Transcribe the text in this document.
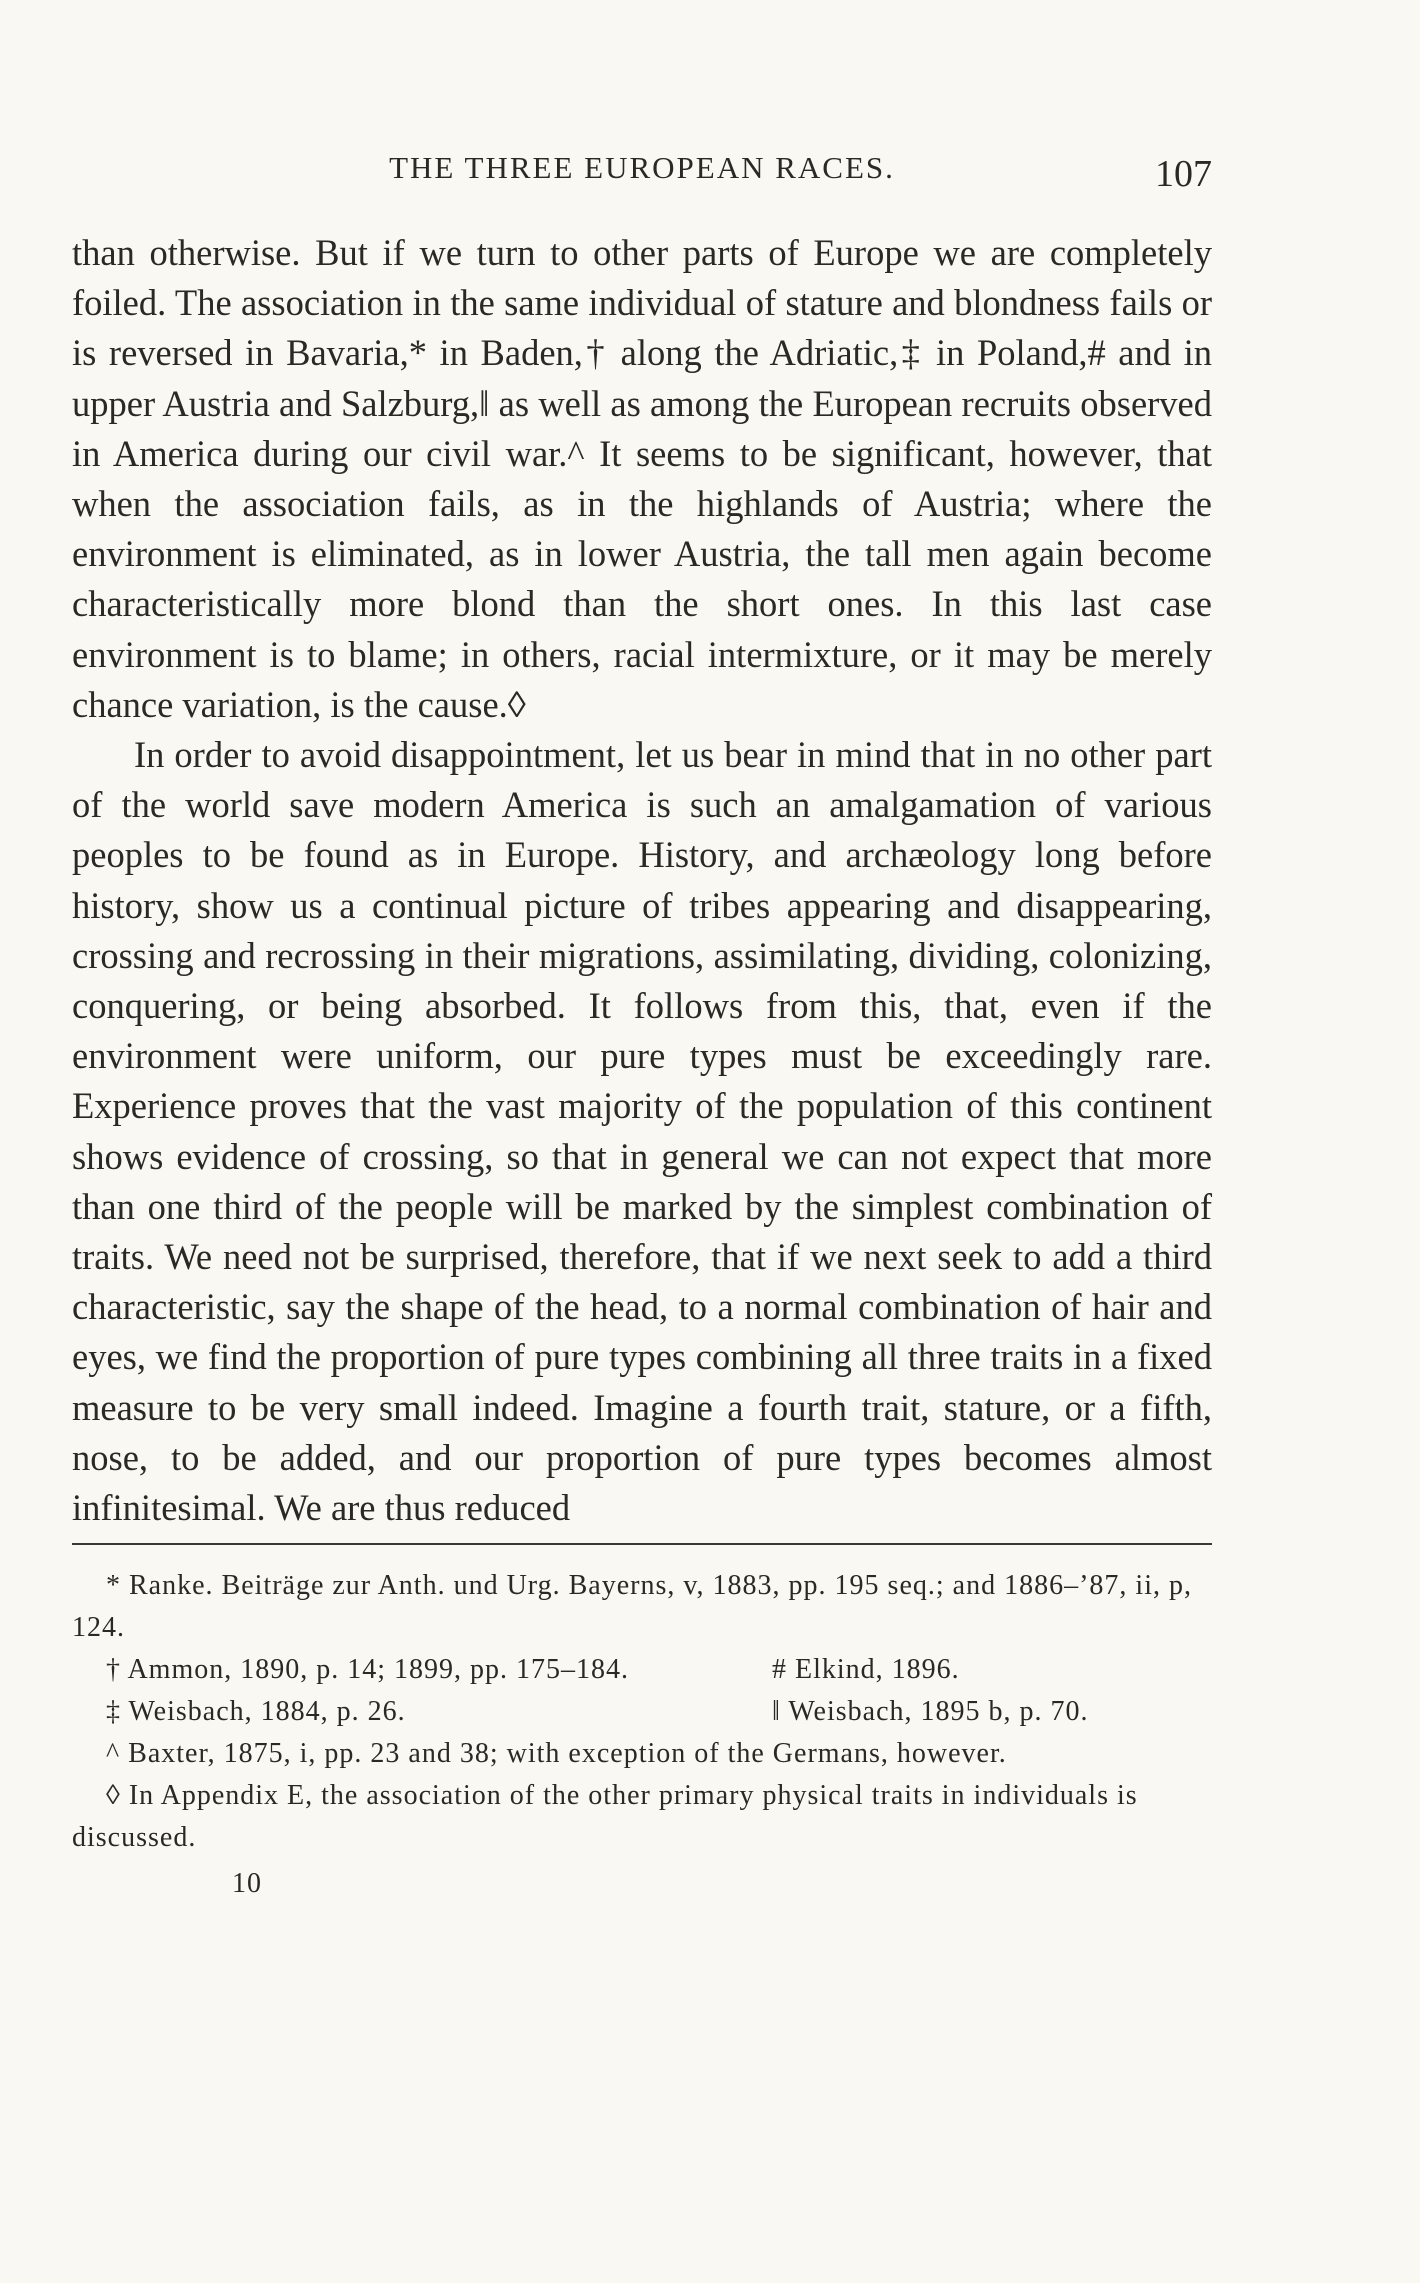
THE THREE EUROPEAN RACES.	107

than otherwise. But if we turn to other parts of Europe we are completely foiled. The association in the same individual of stature and blondness fails or is reversed in Bavaria,* in Baden,† along the Adriatic,‡ in Poland,# and in upper Austria and Salzburg,‖ as well as among the European recruits observed in America during our civil war.^ It seems to be significant, however, that when the association fails, as in the highlands of Austria; where the environment is eliminated, as in lower Austria, the tall men again become characteristically more blond than the short ones. In this last case environment is to blame; in others, racial intermixture, or it may be merely chance variation, is the cause.◊

In order to avoid disappointment, let us bear in mind that in no other part of the world save modern America is such an amalgamation of various peoples to be found as in Europe. History, and archæology long before history, show us a continual picture of tribes appearing and disappearing, crossing and recrossing in their migrations, assimilating, dividing, colonizing, conquering, or being absorbed. It follows from this, that, even if the environment were uniform, our pure types must be exceedingly rare. Experience proves that the vast majority of the population of this continent shows evidence of crossing, so that in general we can not expect that more than one third of the people will be marked by the simplest combination of traits. We need not be surprised, therefore, that if we next seek to add a third characteristic, say the shape of the head, to a normal combination of hair and eyes, we find the proportion of pure types combining all three traits in a fixed measure to be very small indeed. Imagine a fourth trait, stature, or a fifth, nose, to be added, and our proportion of pure types becomes almost infinitesimal. We are thus reduced

* Ranke. Beiträge zur Anth. und Urg. Bayerns, v, 1883, pp. 195 seq.; and 1886–’87, ii, p, 124.

† Ammon, 1890, p. 14; 1899, pp. 175–184.	# Elkind, 1896.
‡ Weisbach, 1884, p. 26.	‖ Weisbach, 1895 b, p. 70.

^ Baxter, 1875, i, pp. 23 and 38; with exception of the Germans, however.

◊ In Appendix E, the association of the other primary physical traits in individuals is discussed.

10
